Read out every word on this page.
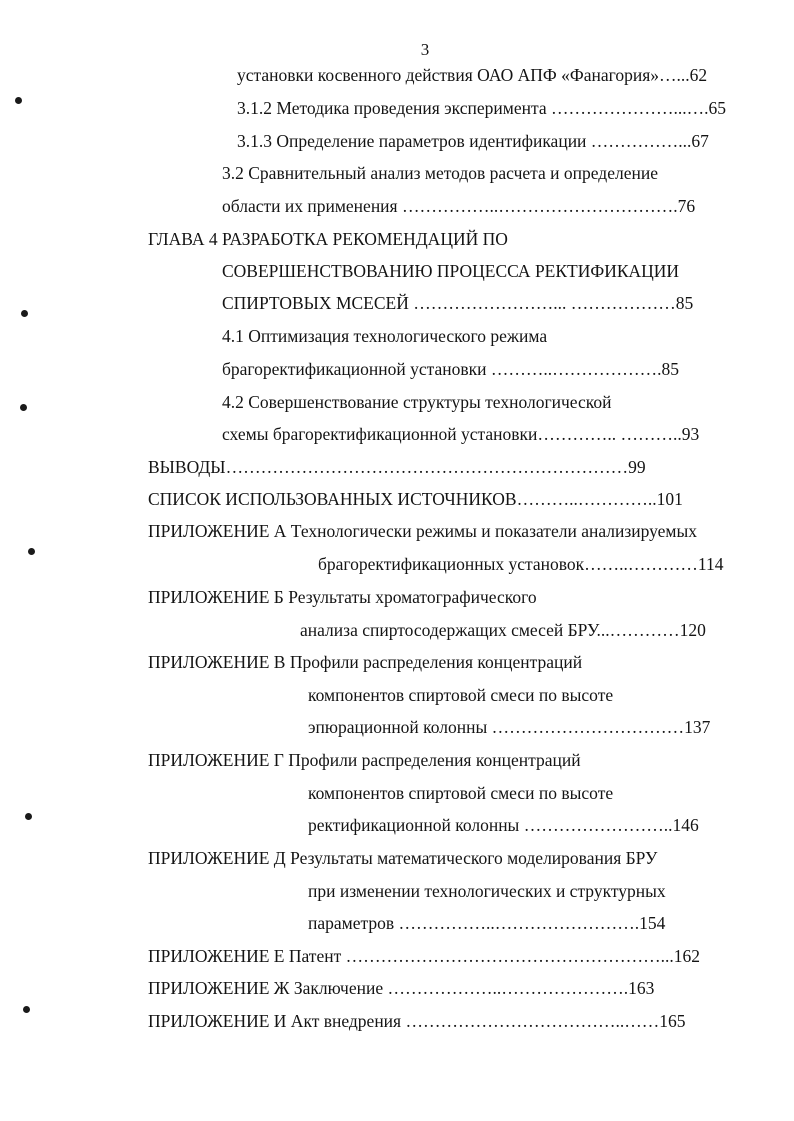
3
установки косвенного действия ОАО АПФ «Фанагория»…...62
3.1.2 Методика проведения эксперимента …………………...….65
3.1.3 Определение параметров идентификации ……………...67
3.2 Сравнительный анализ методов расчета и определение
области их применения ……………..………………………….76
ГЛАВА 4 РАЗРАБОТКА РЕКОМЕНДАЦИЙ ПО
СОВЕРШЕНСТВОВАНИЮ ПРОЦЕССА РЕКТИФИКАЦИИ
СПИРТОВЫХ МСЕСЕЙ ……………………... ………………85
4.1 Оптимизация технологического режима
брагоректификационной установки ………..……………….85
4.2 Совершенствование структуры технологической
схемы брагоректификационной установки………….. ………..93
ВЫВОДЫ……………………………………………………………99
СПИСОК ИСПОЛЬЗОВАННЫХ ИСТОЧНИКОВ………..…………..101
ПРИЛОЖЕНИЕ А Технологически режимы и показатели анализируемых
брагоректификационных установок……..…………114
ПРИЛОЖЕНИЕ Б Результаты хроматографического
анализа спиртосодержащих смесей БРУ...…………120
ПРИЛОЖЕНИЕ В Профили распределения концентраций
компонентов спиртовой смеси по высоте
эпюрационной колонны ……………………………137
ПРИЛОЖЕНИЕ Г Профили распределения концентраций
компонентов спиртовой смеси по высоте
ректификационной колонны ……………………..146
ПРИЛОЖЕНИЕ Д Результаты математического моделирования БРУ
при изменении технологических и структурных
параметров ……………..…………………….154
ПРИЛОЖЕНИЕ Е Патент ………………………………………………...162
ПРИЛОЖЕНИЕ Ж Заключение ………………..………………….163
ПРИЛОЖЕНИЕ И Акт внедрения ………………………………..……165
